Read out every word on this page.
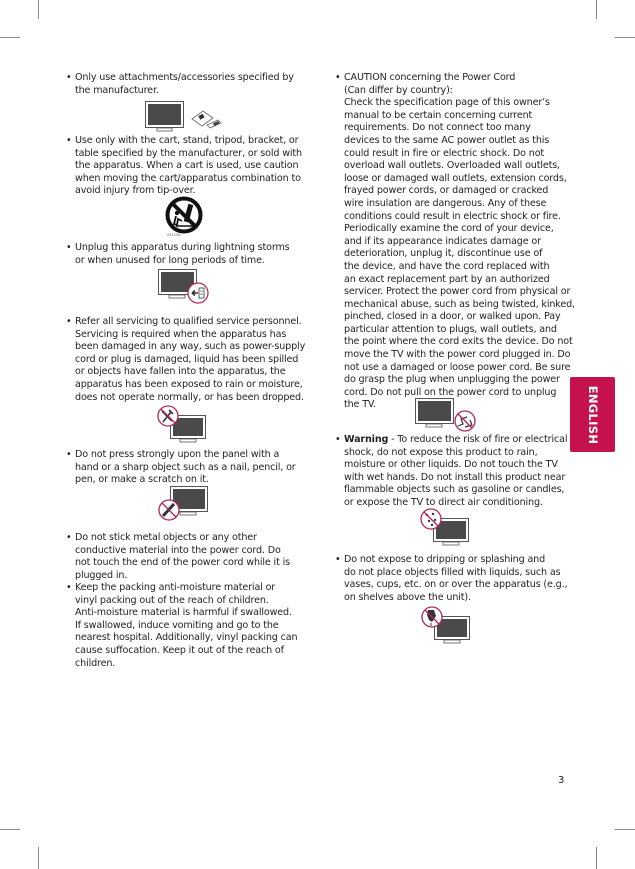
• Only use attachments/accessories specified by
the manufacturer.
• Use only with the cart, stand, tripod, bracket, or
table specified by the manufacturer, or sold with
the apparatus. When a cart is used, use caution
when moving the cart/apparatus combination to
avoid injury from tip-over.
S3125A
• Unplug this apparatus during lightning storms
or when unused for long periods of time.
• Refer all servicing to qualified service personnel.
Servicing is required when the apparatus has
been damaged in any way, such as power-supply
cord or plug is damaged, liquid has been spilled
or objects have fallen into the apparatus, the
apparatus has been exposed to rain or moisture,
does not operate normally, or has been dropped.
• Do not press strongly upon the panel with a
hand or a sharp object such as a nail, pencil, or
pen, or make a scratch on it.
• Do not stick metal objects or any other
conductive material into the power cord. Do
not touch the end of the power cord while it is
plugged in.
• Keep the packing anti-moisture material or
vinyl packing out of the reach of children.
Anti-moisture material is harmful if swallowed.
If swallowed, induce vomiting and go to the
nearest hospital. Additionally, vinyl packing can
cause suffocation. Keep it out of the reach of
children.
• CAUTION concerning the Power Cord
(Can differ by country):
Check the specification page of this owner’s
manual to be certain concerning current
requirements. Do not connect too many
devices to the same AC power outlet as this
could result in fire or electric shock. Do not
overload wall outlets. Overloaded wall outlets,
loose or damaged wall outlets, extension cords,
frayed power cords, or damaged or cracked
wire insulation are dangerous. Any of these
conditions could result in electric shock or fire.
Periodically examine the cord of your device,
and if its appearance indicates damage or
deterioration, unplug it, discontinue use of
the device, and have the cord replaced with
an exact replacement part by an authorized
servicer. Protect the power cord from physical or
mechanical abuse, such as being twisted, kinked,
pinched, closed in a door, or walked upon. Pay
particular attention to plugs, wall outlets, and
the point where the cord exits the device. Do not
move the TV with the power cord plugged in. Do
not use a damaged or loose power cord. Be sure
do grasp the plug when unplugging the power
cord. Do not pull on the power cord to unplug
the TV.
• Warning - To reduce the risk of fire or electrical
shock, do not expose this product to rain,
moisture or other liquids. Do not touch the TV
with wet hands. Do not install this product near
flammable objects such as gasoline or candles,
or expose the TV to direct air conditioning.
• Do not expose to dripping or splashing and
do not place objects filled with liquids, such as
vases, cups, etc. on or over the apparatus (e.g.,
on shelves above the unit).
ENGLISH
3
